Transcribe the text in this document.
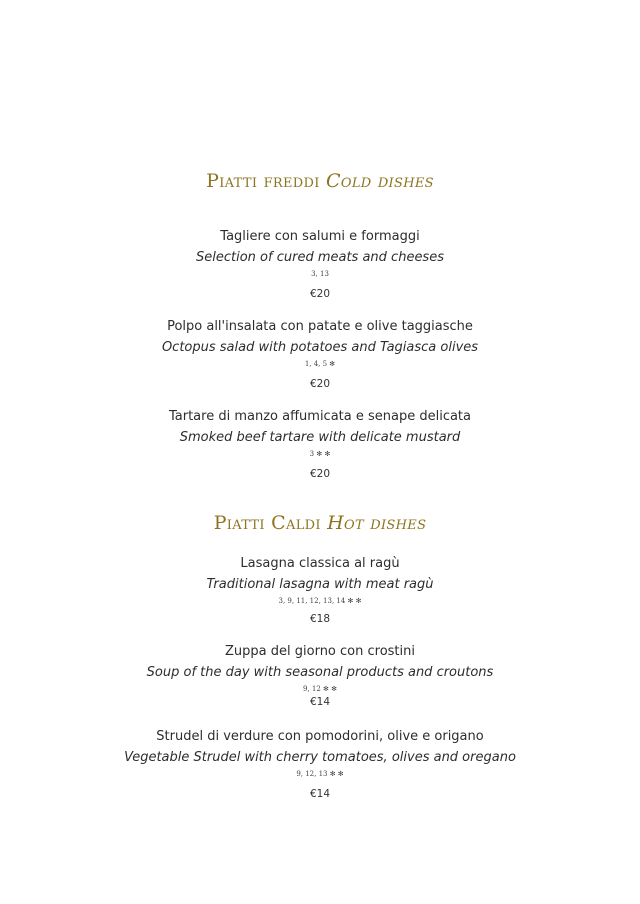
Piatti freddi Cold dishes
Tagliere con salumi e formaggi
Selection of cured meats and cheeses
3, 13
€20
Polpo all'insalata con patate e olive taggiasche
Octopus salad with potatoes and Tagiasca olives
1, 4, 5 ✻
€20
Tartare di manzo affumicata e senape delicata
Smoked beef tartare with delicate mustard
3 ✻ ✻
€20
Piatti Caldi Hot dishes
Lasagna classica al ragù
Traditional lasagna with meat ragù
3, 9, 11, 12, 13, 14 ✻ ✻
€18
Zuppa del giorno con crostini
Soup of the day with seasonal products and croutons
9, 12 ✻ ✻
€14
Strudel di verdure con pomodorini, olive e origano
Vegetable Strudel with cherry tomatoes, olives and oregano
9, 12, 13 ✻ ✻
€14
